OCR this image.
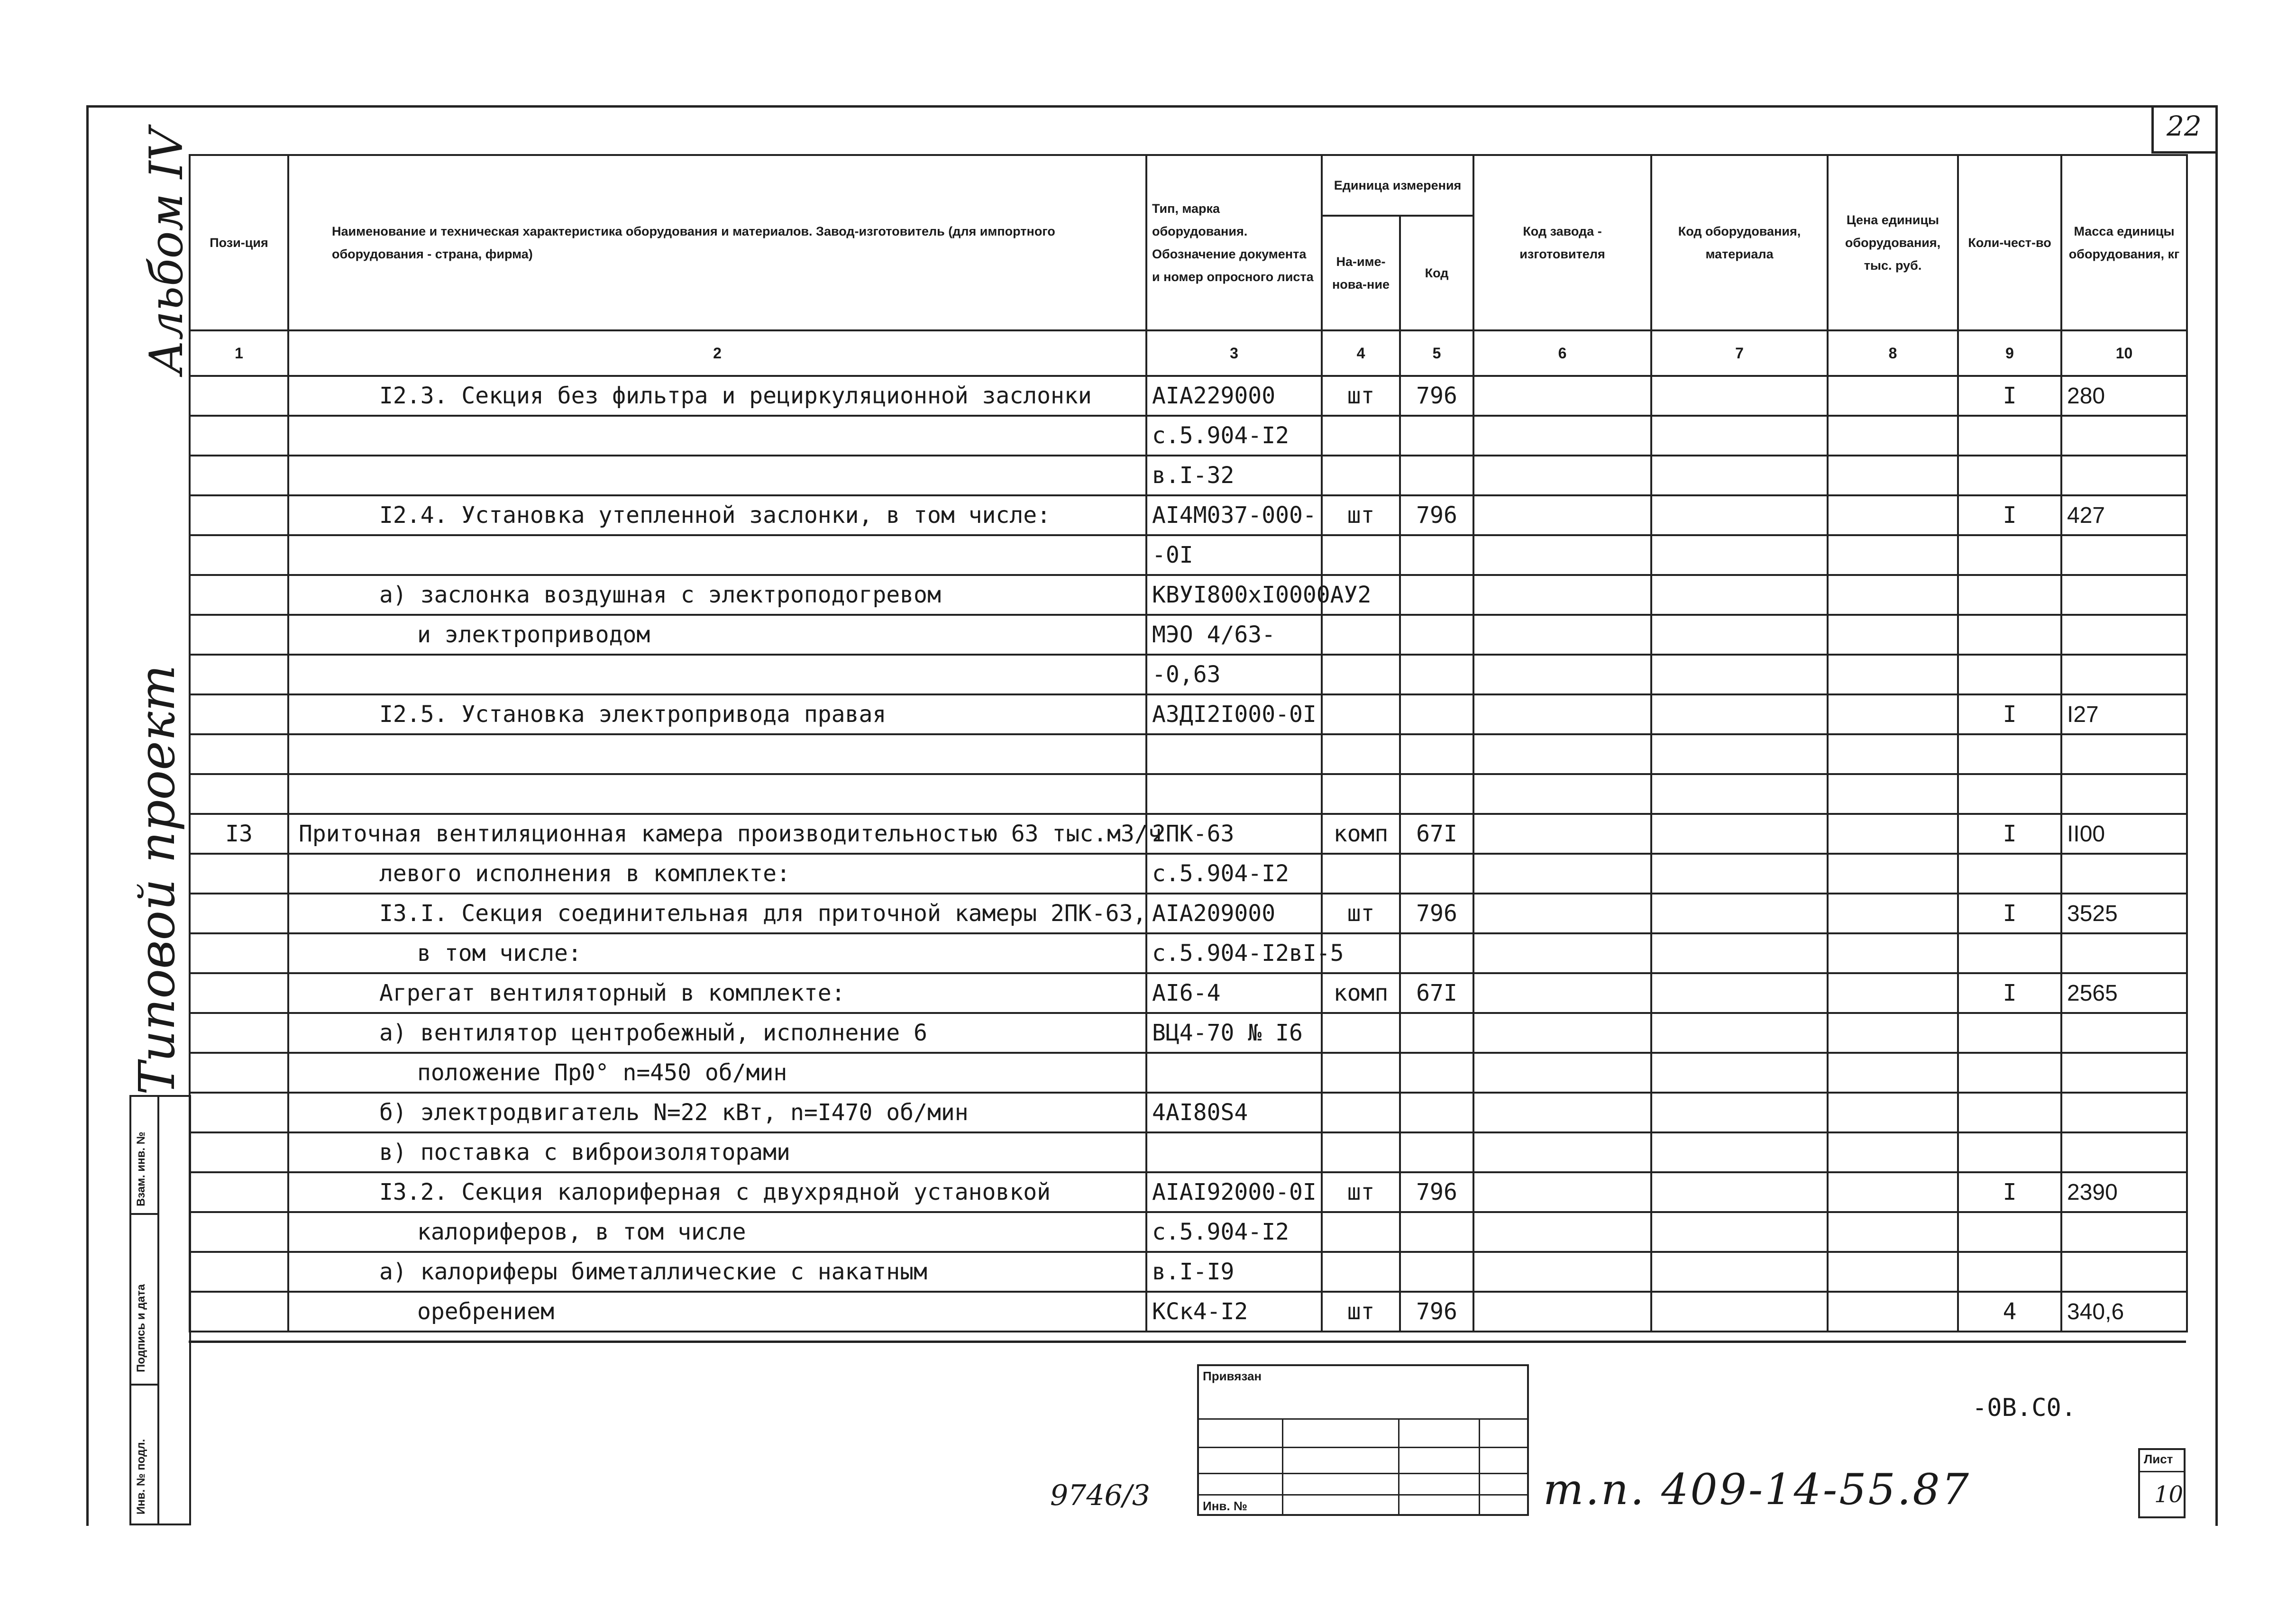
22
Альбом IV
Типовой проект
Инв. № подл.
Подпись и дата
Взам. инв. №
Пози-ция	Наименование и техническая характеристика оборудования и материалов. Завод-изготовитель (для импортного оборудования - страна, фирма)	Тип, марка оборудования. Обозначение документа и номер опросного листа	Единица измерения		Код завода - изготовителя	Код оборудования, материала	Цена единицы оборудования, тыс. руб.	Коли-чест-во	Масса единицы оборудования, кг
			На-име-нова-ние	Код					
1	2	3	4	5	6	7	8	9	10
	I2.3. Секция без фильтра и рециркуляционной заслонки	AIA229000	шт	796				I	280
		с.5.904-I2							
		в.I-32							
	I2.4. Установка утепленной заслонки, в том числе:	AI4M037-000-	шт	796				I	427
		-0I							
	а) заслонка воздушная с электроподогревом	КВУI800хI0000АУ2							
	и электроприводом	МЭО 4/63-							
		-0,63							
	I2.5. Установка электропривода правая	АЗДI2I000-0I						I	I27

I3	Приточная вентиляционная камера производительностью 63 тыс.м3/ч	2ПК-63	комп	67I				I	II00
	левого исполнения в комплекте:	с.5.904-I2							
	I3.I. Секция соединительная для приточной камеры 2ПК-63,	AIA209000	шт	796				I	3525
	в том числе:	с.5.904-I2вI-5							
	Агрегат вентиляторный в комплекте:	AI6-4	комп	67I				I	2565
	а) вентилятор центробежный, исполнение 6	ВЦ4-70 № I6							
	положение Пр0° n=450 об/мин								
	б) электродвигатель N=22 кВт, n=I470 об/мин	4AI80S4							
	в) поставка с виброизоляторами								
	I3.2. Секция калориферная с двухрядной установкой	AIAI92000-0I	шт	796				I	2390
	калориферов, в том числе	с.5.904-I2							
	а) калориферы биметаллические с накатным	в.I-I9							
	оребрением	КСк4-I2	шт	796				4	340,6
Привязан
Инв. №
-0В.С0.
9746/3	т.п. 409-14-55.87
Лист
10
